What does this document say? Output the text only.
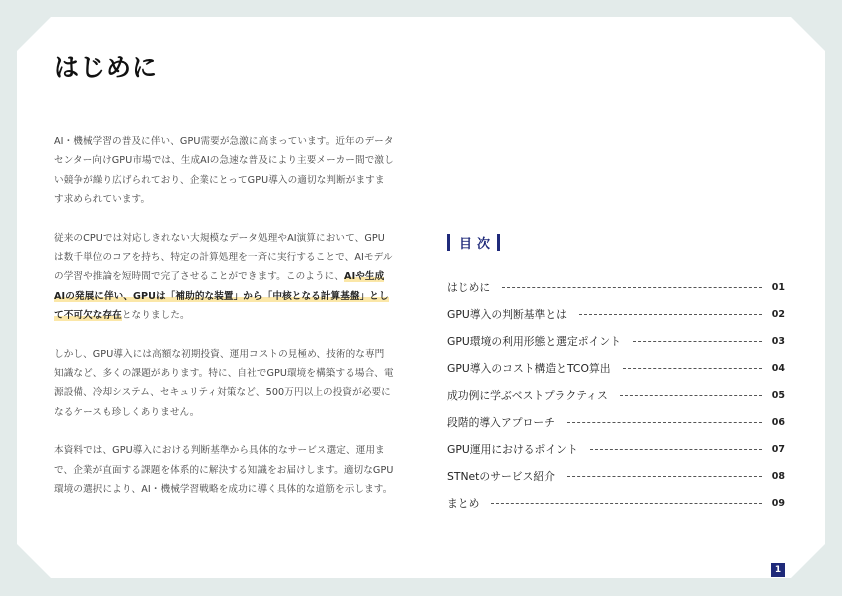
はじめに

AI・機械学習の普及に伴い、GPU需要が急激に高まっています。近年のデータセンター向けGPU市場では、生成AIの急速な普及により主要メーカー間で激しい競争が繰り広げられており、企業にとってGPU導入の適切な判断がますます求められています。

従来のCPUでは対応しきれない大規模なデータ処理やAI演算において、GPUは数千単位のコアを持ち、特定の計算処理を一斉に実行することで、AIモデルの学習や推論を短時間で完了させることができます。このように、AIや生成AIの発展に伴い、GPUは「補助的な装置」から「中核となる計算基盤」として不可欠な存在となりました。

しかし、GPU導入には高額な初期投資、運用コストの見極め、技術的な専門知識など、多くの課題があります。特に、自社でGPU環境を構築する場合、電源設備、冷却システム、セキュリティ対策など、500万円以上の投資が必要になるケースも珍しくありません。

本資料では、GPU導入における判断基準から具体的なサービス選定、運用まで、企業が直面する課題を体系的に解決する知識をお届けします。適切なGPU環境の選択により、AI・機械学習戦略を成功に導く具体的な道筋を示します。

目次
はじめに	01
GPU導入の判断基準とは	02
GPU環境の利用形態と選定ポイント	03
GPU導入のコスト構造とTCO算出	04
成功例に学ぶベストプラクティス	05
段階的導入アプローチ	06
GPU運用におけるポイント	07
STNetのサービス紹介	08
まとめ	09
1
